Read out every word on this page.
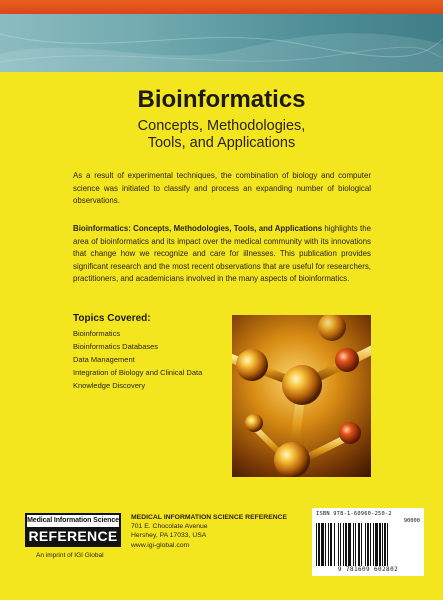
Bioinformatics
Concepts, Methodologies,
Tools, and Applications

As a result of experimental techniques, the combination of biology and computer science was initiated to classify and process an expanding number of biological observations.

Bioinformatics: Concepts, Methodologies, Tools, and Applications highlights the area of bioinformatics and its impact over the medical community with its innovations that change how we recognize and care for illnesses. This publication provides significant research and the most recent observations that are useful for researchers, practitioners, and academicians involved in the many aspects of bioinformatics.

Topics Covered:
Bioinformatics
Bioinformatics Databases
Data Management
Integration of Biology and Clinical Data
Knowledge Discovery
Medical Information Science
REFERENCE
An imprint of IGI Global
MEDICAL INFORMATION SCIENCE REFERENCE
701 E. Chocolate Avenue
Hershey, PA 17033, USA
www.igi-global.com
ISBN 978-1-60960-250-2
90000
9 781609 602802
